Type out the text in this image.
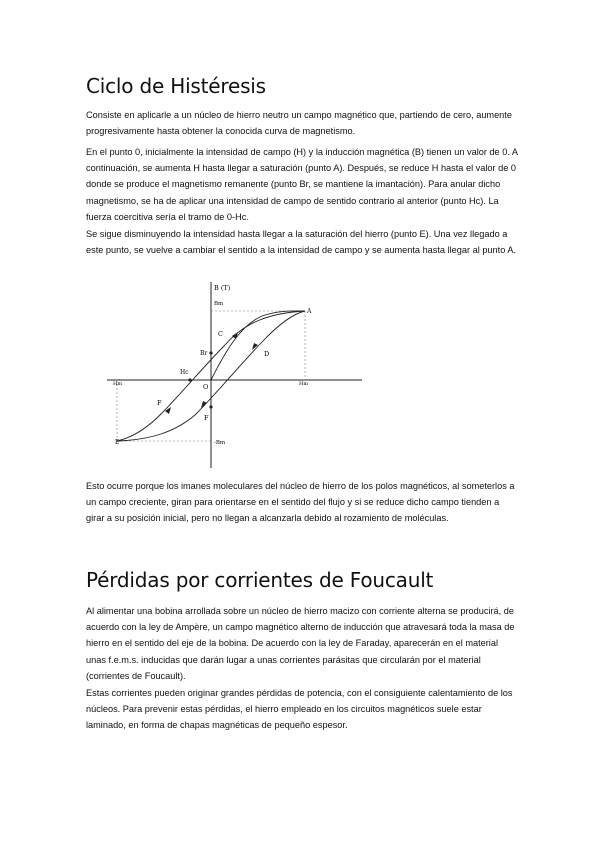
Ciclo de Histéresis

Consiste en aplicarle a un núcleo de hierro neutro un campo magnético que, partiendo de cero, aumente progresivamente hasta obtener la conocida curva de magnetismo.

En el punto 0, inicialmente la intensidad de campo (H) y la inducción magnética (B) tienen un valor de 0. A continuación, se aumenta H hasta llegar a saturación (punto A). Después, se reduce H hasta el valor de 0 donde se produce el magnetismo remanente (punto Br, se mantiene la imantación). Para anular dicho magnetismo, se ha de aplicar una intensidad de campo de sentido contrario al anterior (punto Hc). La fuerza coercitiva sería el tramo de 0-Hc.

Se sigue disminuyendo la intensidad hasta llegar a la saturación del hierro (punto E). Una vez llegado a este punto, se vuelve a cambiar el sentido a la intensidad de campo y se aumenta hasta llegar al punto A.

B (T)
Bm
A
C
D
Br
Hc
O
Hm	Hm
F
F
-Bm
E

Esto ocurre porque los imanes moleculares del núcleo de hierro de los polos magnéticos, al someterlos a un campo creciente, giran para orientarse en el sentido del flujo y si se reduce dicho campo tienden a girar a su posición inicial, pero no llegan a alcanzarla debido al rozamiento de moléculas.

Pérdidas por corrientes de Foucault

Al alimentar una bobina arrollada sobre un núcleo de hierro macizo con corriente alterna se producirá, de acuerdo con la ley de Ampère, un campo magnético alterno de inducción que atravesará toda la masa de hierro en el sentido del eje de la bobina. De acuerdo con la ley de Faraday, aparecerán en el material unas f.e.m.s. inducidas que darán lugar a unas corrientes parásitas que circularán por el material (corrientes de Foucault).

Estas corrientes pueden originar grandes pérdidas de potencia, con el consiguiente calentamiento de los núcleos. Para prevenir estas pérdidas, el hierro empleado en los circuitos magnéticos suele estar laminado, en forma de chapas magnéticas de pequeño espesor.
